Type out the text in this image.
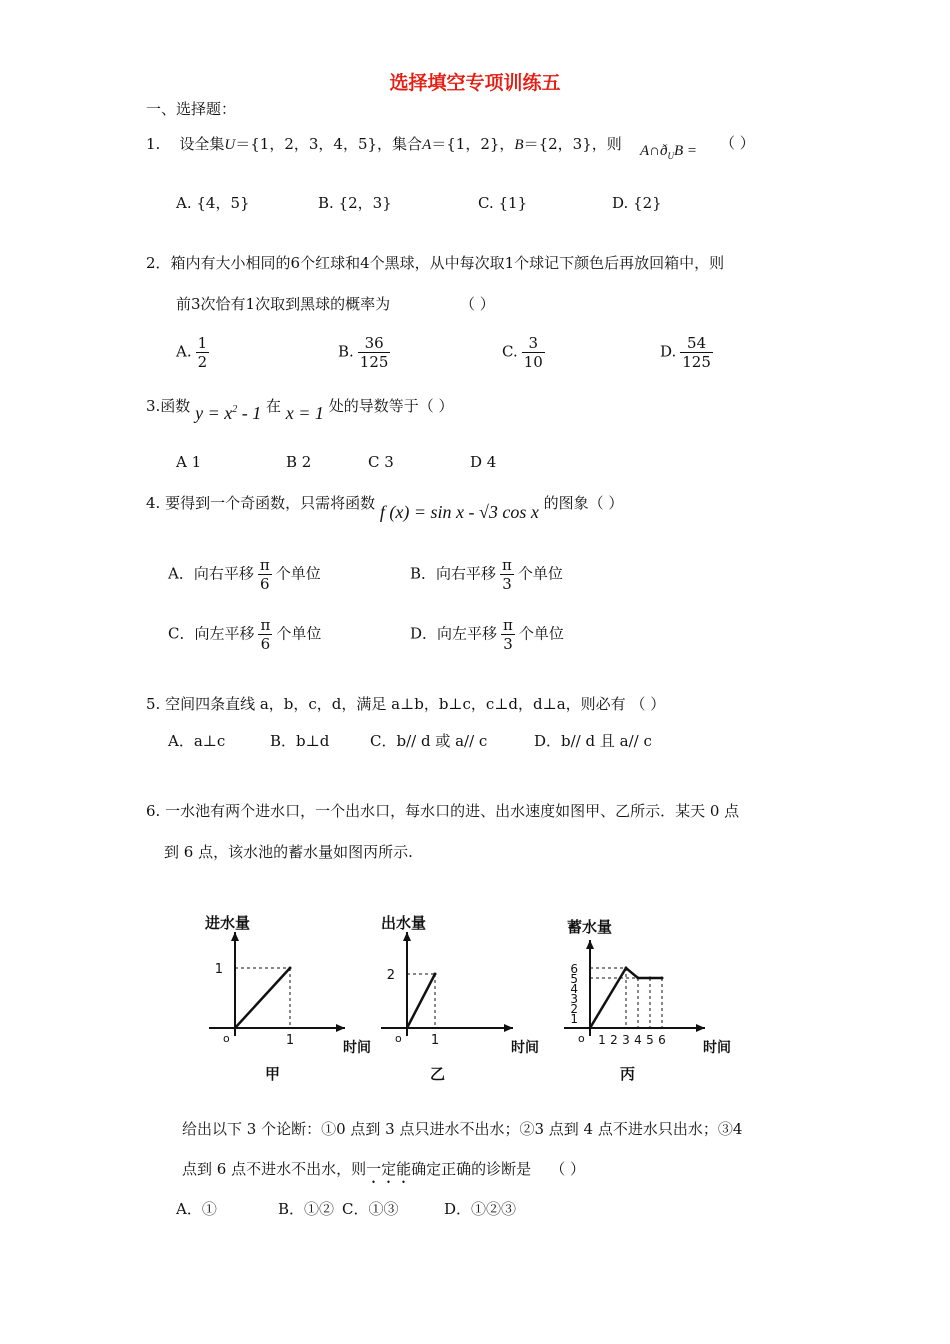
选择填空专项训练五
一、选择题：
1. 设全集U＝{1，2，3，4，5}，集合A＝{1，2}，B＝{2，3}，则 $A\cap ð_UB$ = （ ）
A. {4，5}	B. {2，3}	C. {1}	D. {2}
2．箱内有大小相同的6个红球和4个黑球，从中每次取1个球记下颜色后再放回箱中，则
前3次恰有1次取到黑球的概率为	（ ）
A. $\frac{1}{2}$	B. $\frac{36}{125}$	C. $\frac{3}{10}$	D. $\frac{54}{125}$
3.函数 $y = x^2 - 1$ 在 x = 1 处的导数等于（ ）
A 1	B 2	C 3	D 4
4. 要得到一个奇函数，只需将函数 f (x) = sin x - √3 cos x 的图象（ ）
A．向右平移 $\frac{\pi}{6}$ 个单位	B．向右平移 $\frac{\pi}{3}$ 个单位
C．向左平移 $\frac{\pi}{6}$ 个单位	D．向左平移 $\frac{\pi}{3}$ 个单位
5. 空间四条直线 a，b，c，d，满足 a⊥b，b⊥c，c⊥d，d⊥a，则必有 （ ）
A．a⊥c	B．b⊥d	C．b// d 或 a// c	D．b// d 且 a// c
6. 一水池有两个进水口，一个出水口，每水口的进、出水速度如图甲、乙所示．某天 0 点
到 6 点，该水池的蓄水量如图丙所示.
进水量
时间
o
甲
1
1
出水量
时间
o
乙
2
1
蓄水量
时间
o
丙
1
2
3
4
5
6
1 2 3 4 5 6
给出以下 3 个论断：①0 点到 3 点只进水不出水；②3 点到 4 点不进水只出水；③4
点到 6 点不进水不出水，则一定能确定正确的诊断是 （ ）
A．①	B．①② C．①③	D．①②③
